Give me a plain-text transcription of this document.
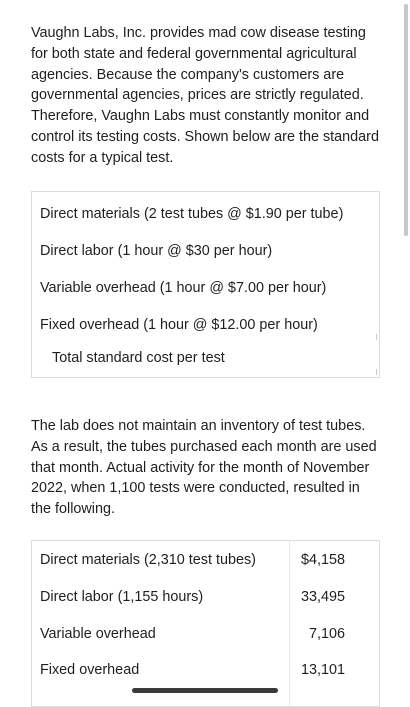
Vaughn Labs, Inc. provides mad cow disease testing for both state and federal governmental agricultural agencies. Because the company's customers are governmental agencies, prices are strictly regulated. Therefore, Vaughn Labs must constantly monitor and control its testing costs. Shown below are the standard costs for a typical test.

Direct materials (2 test tubes @ $1.90 per tube)
Direct labor (1 hour @ $30 per hour)
Variable overhead (1 hour @ $7.00 per hour)
Fixed overhead (1 hour @ $12.00 per hour)
Total standard cost per test

The lab does not maintain an inventory of test tubes. As a result, the tubes purchased each month are used that month. Actual activity for the month of November 2022, when 1,100 tests were conducted, resulted in the following.

Direct materials (2,310 test tubes)	$4,158
Direct labor (1,155 hours)	33,495
Variable overhead	7,106
Fixed overhead	13,101
